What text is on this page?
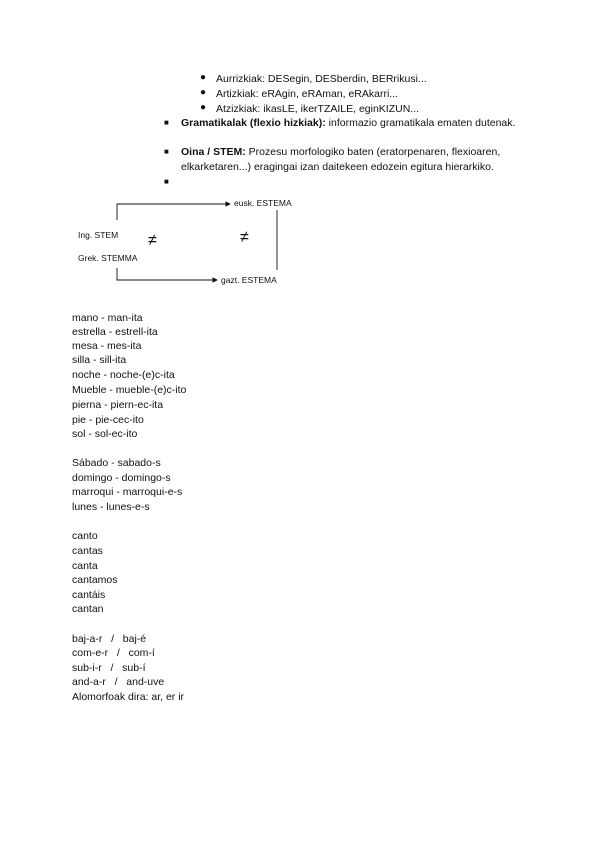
● Aurrizkiak: DESegin, DESberdin, BERrikusi...
● Artizkiak: eRAgin, eRAman, eRAkarri...
● Atzizkiak: ikasLE, ikerTZAILE, eginKIZUN...
■ Gramatikalak (flexio hizkiak): informazio gramatikala ematen dutenak.
■ Oina / STEM: Prozesu morfologiko baten (eratorpenaren, flexioaren, elkarketaren...) eragingai izan daitekeen edozein egitura hierarkiko.
■
Ing. STEM
Grek. STEMMA
eusk. ESTEMA
gazt. ESTEMA
≠	≠
mano - man-ita
estrella - estrell-ita
mesa - mes-ita
silla - sill-ita
noche - noche-(e)c-ita
Mueble - mueble-(e)c-ito
pierna - piern-ec-ita
pie - pie-cec-ito
sol - sol-ec-ito
Sábado - sabado-s
domingo - domingo-s
marroqui - marroqui-e-s
lunes - lunes-e-s
canto
cantas
canta
cantamos
cantáis
cantan
baj-a-r   /   baj-é
com-e-r   /   com-í
sub-i-r   /   sub-í
and-a-r   /   and-uve
Alomorfoak dira: ar, er ir
